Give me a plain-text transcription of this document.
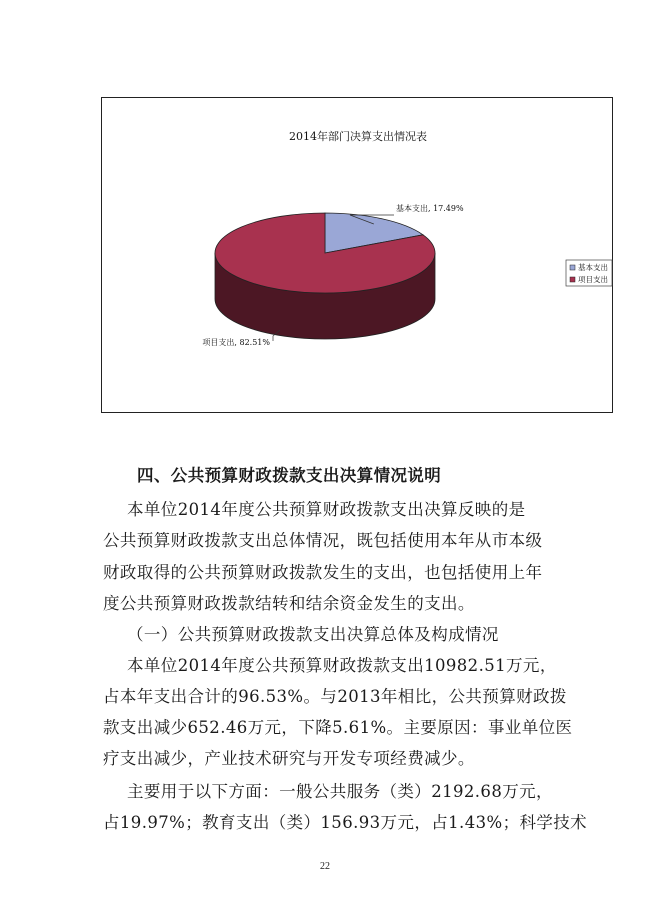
2014年部门决算支出情况表
基本支出, 17.49%
项目支出, 82.51%
基本支出
项目支出
四、公共预算财政拨款支出决算情况说明
本单位2014年度公共预算财政拨款支出决算反映的是
公共预算财政拨款支出总体情况，既包括使用本年从市本级
财政取得的公共预算财政拨款发生的支出，也包括使用上年
度公共预算财政拨款结转和结余资金发生的支出。
（一）公共预算财政拨款支出决算总体及构成情况
本单位2014年度公共预算财政拨款支出10982.51万元，
占本年支出合计的96.53%。与2013年相比，公共预算财政拨
款支出减少652.46万元，下降5.61%。主要原因：事业单位医
疗支出减少，产业技术研究与开发专项经费减少。
主要用于以下方面：一般公共服务（类）2192.68万元，
占19.97%；教育支出（类）156.93万元，占1.43%；科学技术
22
